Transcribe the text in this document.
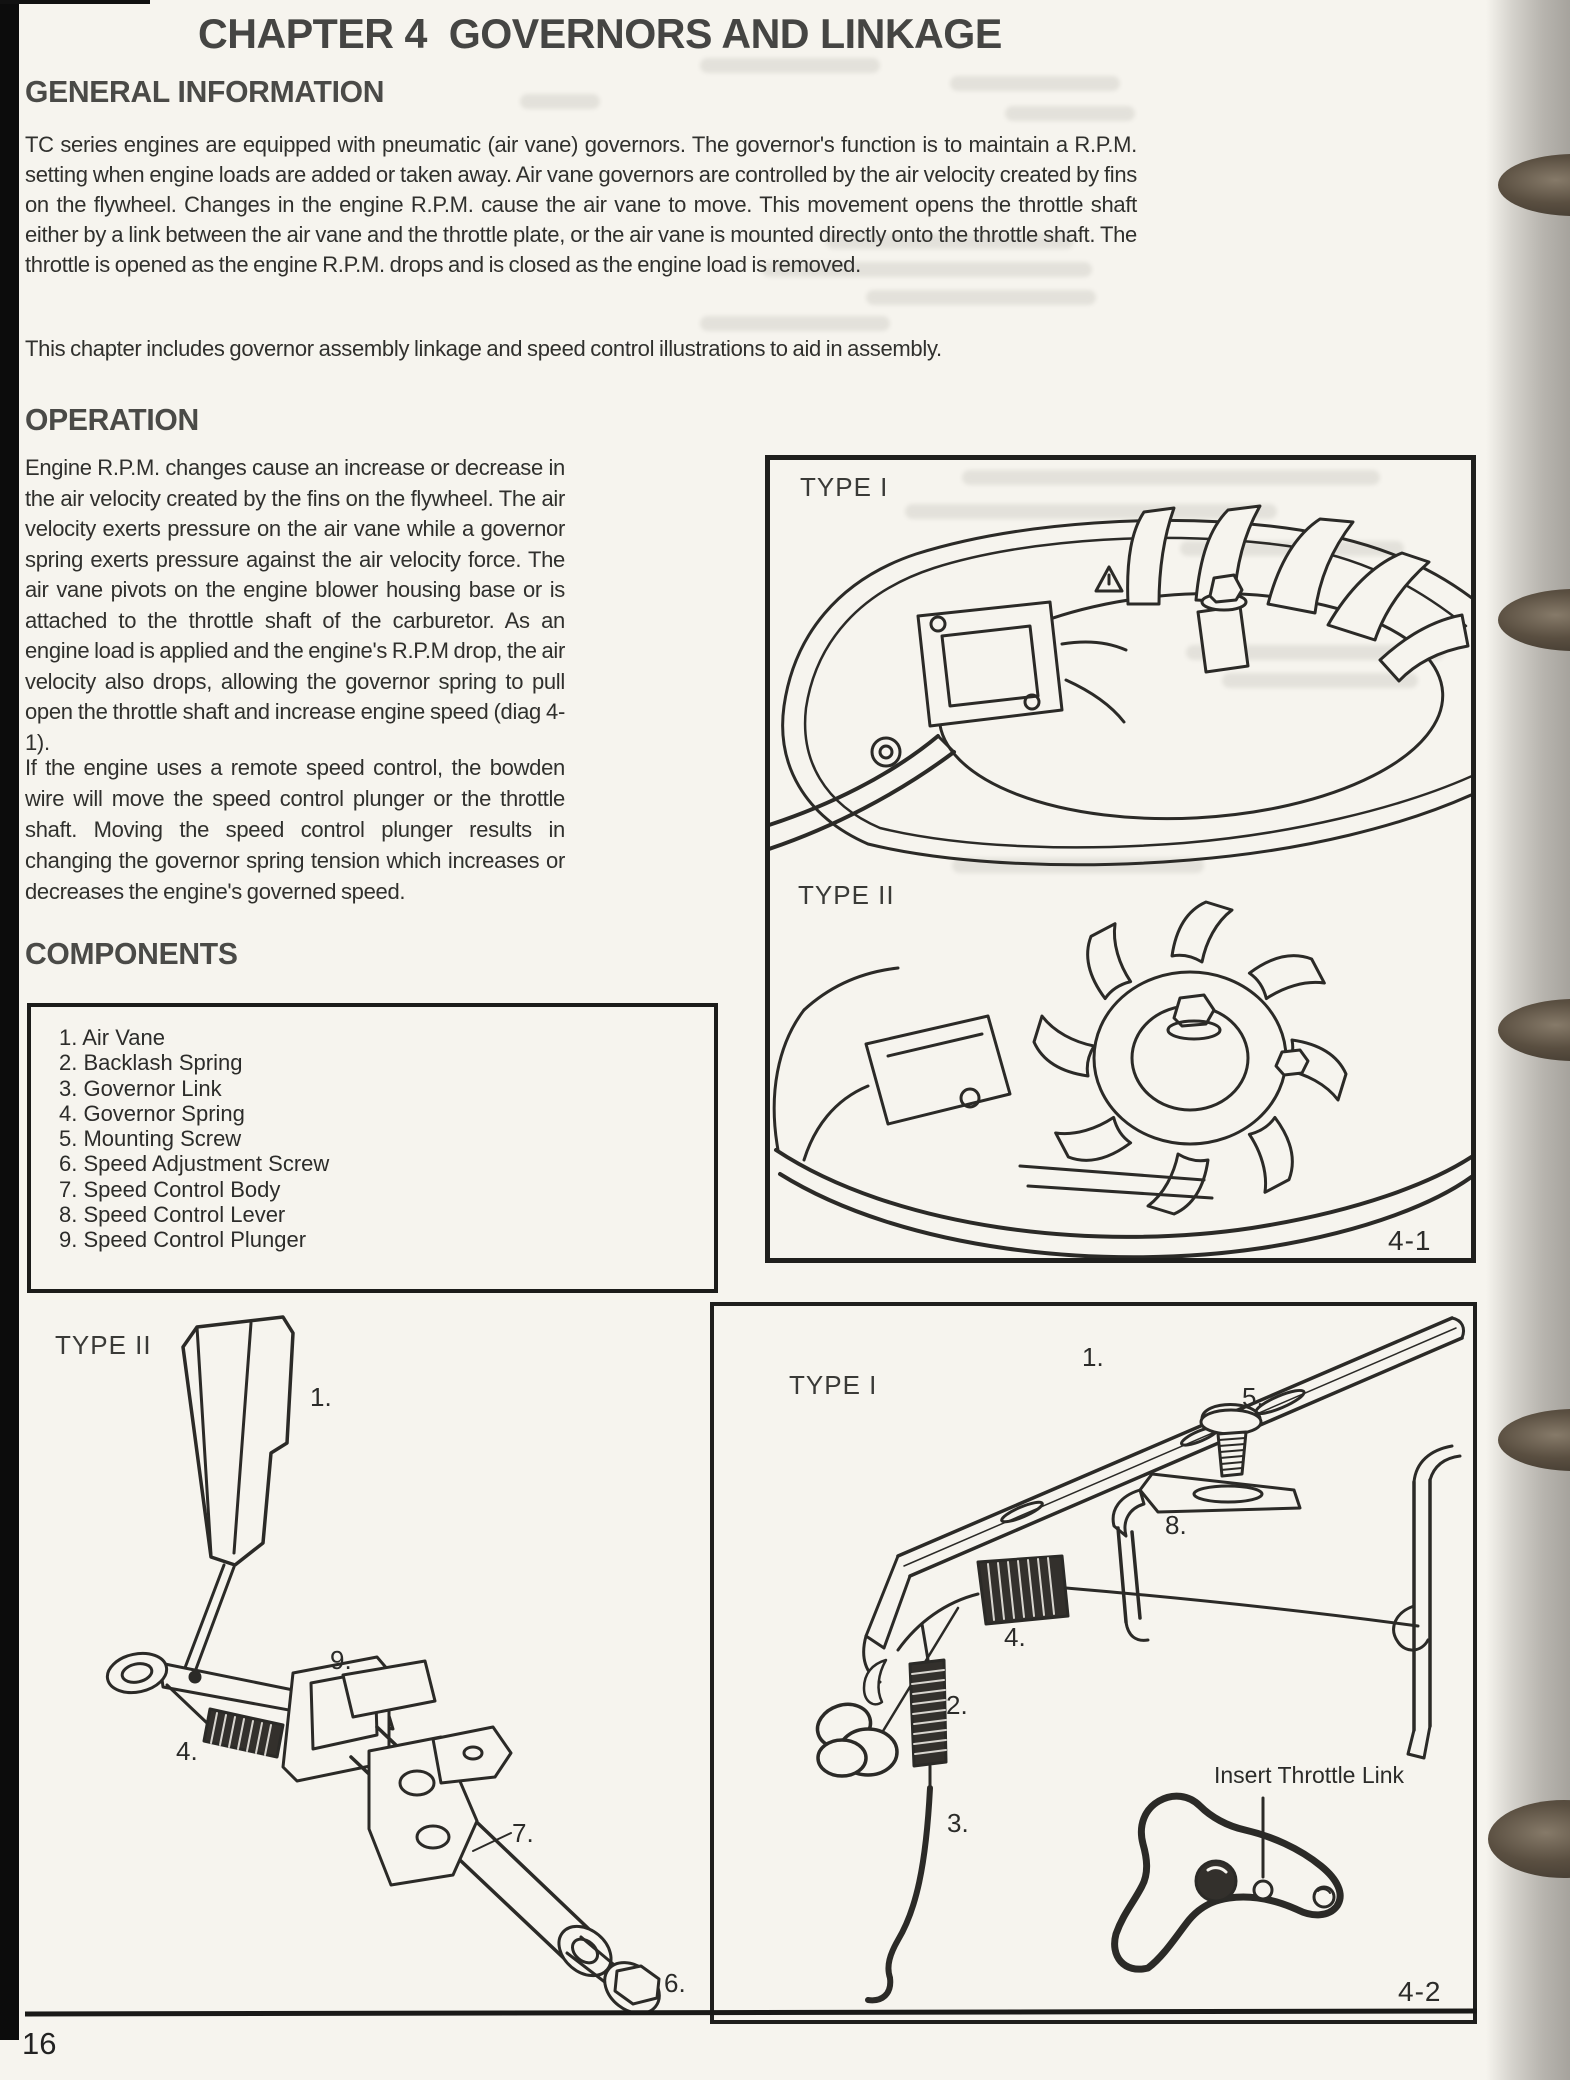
CHAPTER 4  GOVERNORS AND LINKAGE
GENERAL INFORMATION
TC series engines are equipped with pneumatic (air vane) governors. The governor's function is to maintain a R.P.M. setting when engine loads are added or taken away. Air vane governors are controlled by the air velocity created by fins on the flywheel. Changes in the engine R.P.M. cause the air vane to move. This movement opens the throttle shaft either by a link between the air vane and the throttle plate, or the air vane is mounted directly onto the throttle shaft. The throttle is opened as the engine R.P.M. drops and is closed as the engine load is removed.
This chapter includes governor assembly linkage and speed control illustrations to aid in assembly.
OPERATION
Engine R.P.M. changes cause an increase or decrease in the air velocity created by the fins on the flywheel. The air velocity exerts pressure on the air vane while a governor spring exerts pressure against the air velocity force. The air vane pivots on the engine blower housing base or is attached to the throttle shaft of the carburetor. As an engine load is applied and the engine's R.P.M drop, the air velocity also drops, allowing the governor spring to pull open the throttle shaft and increase engine speed (diag 4-1).
If the engine uses a remote speed control, the bowden wire will move the speed control plunger or the throttle shaft. Moving the speed control plunger results in changing the governor spring tension which increases or decreases the engine's governed speed.
COMPONENTS
1. Air Vane
2. Backlash Spring
3. Governor Link
4. Governor Spring
5. Mounting Screw
6. Speed Adjustment Screw
7. Speed Control Body
8. Speed Control Lever
9. Speed Control Plunger
TYPE I
TYPE II
4-1
TYPE II
1.
9.
4.
7.
6.
TYPE I
1.
5.
8.
4.
2.
3.
Insert Throttle Link
4-2
16
